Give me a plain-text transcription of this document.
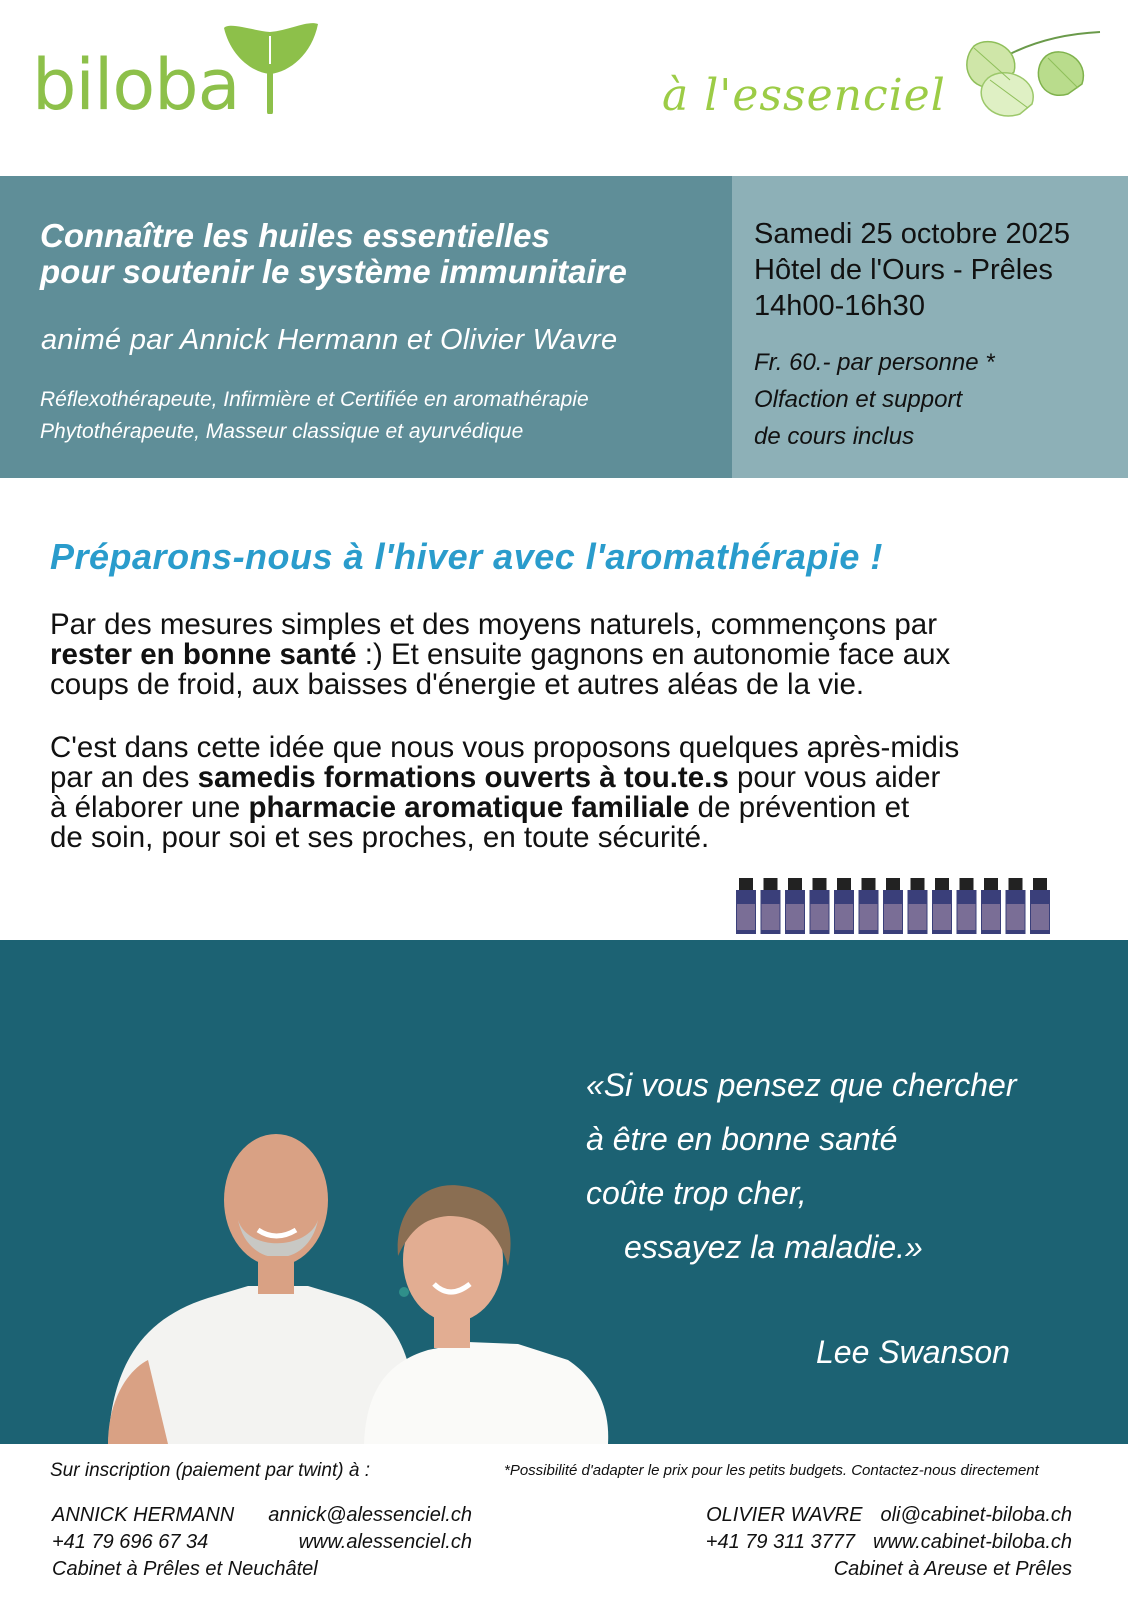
biloba	à l'essenciel
Connaître les huiles essentielles
pour soutenir le système immunitaire
animé par Annick Hermann et Olivier Wavre
Réflexothérapeute, Infirmière et Certifiée en aromathérapie
Phytothérapeute, Masseur classique et ayurvédique
Samedi 25 octobre 2025
Hôtel de l'Ours - Prêles
14h00-16h30
Fr. 60.- par personne *
Olfaction et support
de cours inclus
Préparons-nous à l'hiver avec l'aromathérapie !
Par des mesures simples et des moyens naturels, commençons par
rester en bonne santé :) Et ensuite gagnons en autonomie face aux
coups de froid, aux baisses d'énergie et autres aléas de la vie.
C'est dans cette idée que nous vous proposons quelques après-midis
par an des samedis formations ouverts à tou.te.s pour vous aider
à élaborer une pharmacie aromatique familiale de prévention et
de soin, pour soi et ses proches, en toute sécurité.
«Si vous pensez que chercher
à être en bonne santé
coûte trop cher,
essayez la maladie.»
Lee Swanson
Sur inscription (paiement par twint) à :	*Possibilité d'adapter le prix pour les petits budgets. Contactez-nous directement
ANNICK HERMANN annick@alessenciel.ch
+41 79 696 67 34	www.alessenciel.ch
Cabinet à Prêles et Neuchâtel
OLIVIER WAVRE oli@cabinet-biloba.ch
+41 79 311 3777 www.cabinet-biloba.ch
Cabinet à Areuse et Prêles
